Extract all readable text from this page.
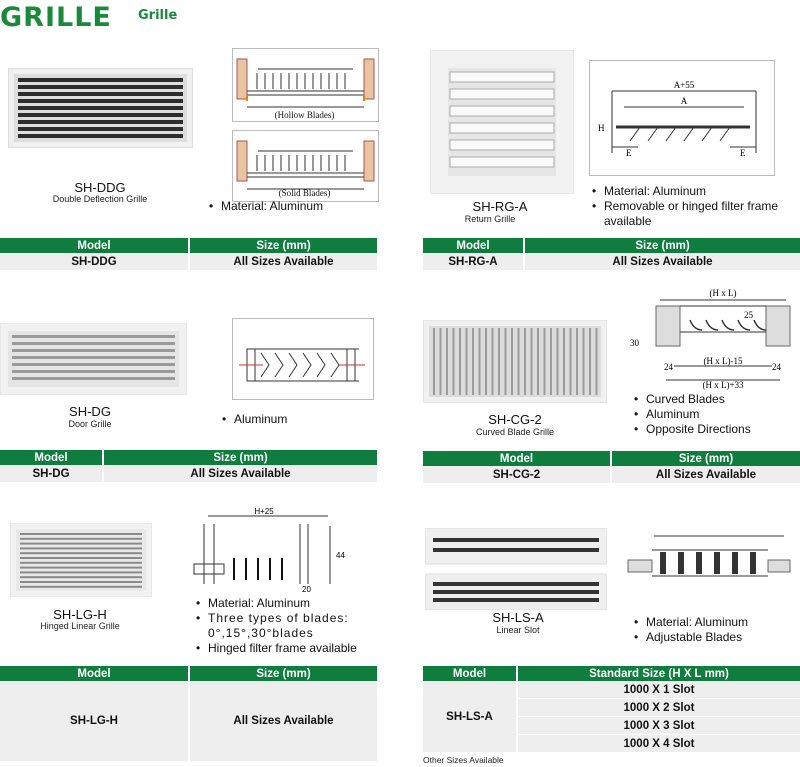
GRILLE Grille
SH-DDG
Double Deflection Grille
(Hollow Blades)
(Solid Blades)
• Material: Aluminum
Model	Size (mm)
SH-DDG	All Sizes Available
SH-RG-A
Return Grille
A+55
A
H
E	E
• Material: Aluminum
• Removable or hinged filter frame available
Model	Size (mm)
SH-RG-A	All Sizes Available
SH-DG
Door Grille	• Aluminum
Model	Size (mm)
SH-DG	All Sizes Available
SH-CG-2
Curved Blade Grille
(H x L)
25
30
24	24
(H x L)-15
(H x L)+33
• Curved Blades
• Aluminum
• Opposite Directions
Model	Size (mm)
SH-CG-2	All Sizes Available
SH-LG-H
Hinged Linear Grille
H+25
44
20
• Material: Aluminum
• Three types of blades: 0°,15°,30°blades
• Hinged filter frame available
Model	Size (mm)
SH-LG-H	All Sizes Available
SH-LS-A
Linear Slot
• Material: Aluminum
• Adjustable Blades
Model	Standard Size (H X L mm)
SH-LS-A	1000 X 1 Slot
	1000 X 2 Slot
	1000 X 3 Slot
	1000 X 4 Slot
Other Sizes Available
